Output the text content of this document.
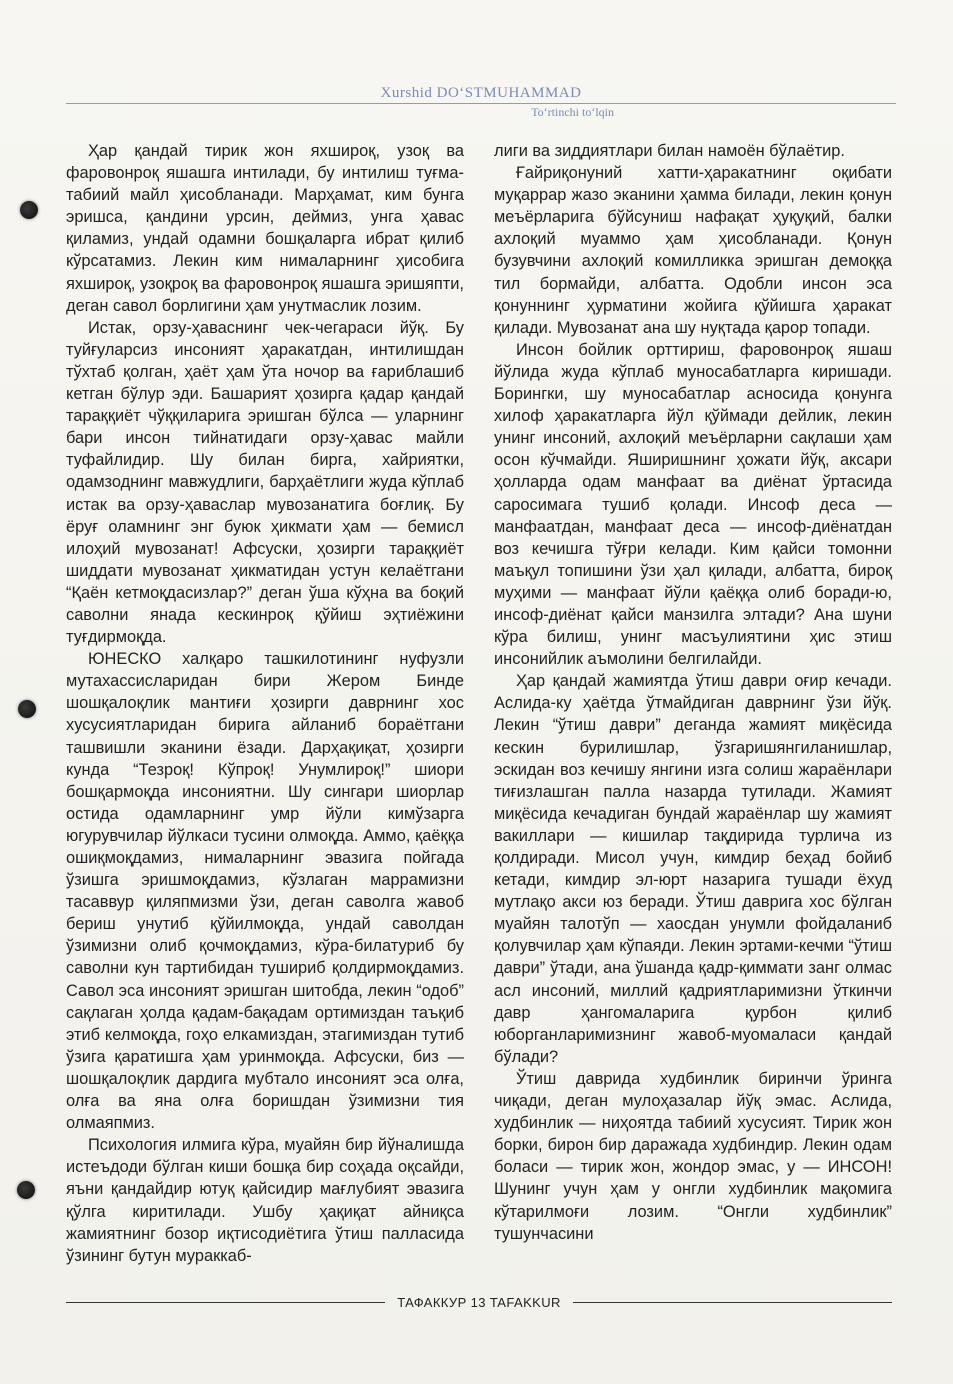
Xurshid DOʻSTMUHAMMAD
Toʻrtinchi toʻlqin

Ҳар қандай тирик жон яхшироқ, узоқ ва фаровонроқ яшашга интилади, бу интилиш туғма-табиий майл ҳисобланади. Марҳамат, ким бунга эришса, қандини урсин, деймиз, унга ҳавас қиламиз, ундай одамни бошқаларга ибрат қилиб кўрсатамиз. Лекин ким нималарнинг ҳисобига яхшироқ, узоқроқ ва фаровонроқ яшашга эришяпти, деган савол борлигини ҳам унутмаслик лозим.

Истак, орзу-ҳаваснинг чек-чегараси йўқ. Бу туйғуларсиз инсоният ҳаракатдан, интилишдан тўхтаб қолган, ҳаёт ҳам ўта ночор ва ғариблашиб кетган бўлур эди. Башарият ҳозирга қадар қандай тараққиёт чўққиларига эришган бўлса — уларнинг бари инсон тийнатидаги орзу-ҳавас майли туфайлидир. Шу билан бирга, хайриятки, одамзоднинг мавжудлиги, барҳаётлиги жуда кўплаб истак ва орзу-ҳаваслар мувозанатига боғлиқ. Бу ёруғ оламнинг энг буюк ҳикмати ҳам — бемисл илоҳий мувозанат! Афсуски, ҳозирги тараққиёт шиддати мувозанат ҳикматидан устун келаётгани “Қаён кетмоқдасизлар?” деган ўша кўҳна ва боқий саволни янада кескинроқ қўйиш эҳтиёжини туғдирмоқда.

ЮНЕСКО халқаро ташкилотининг нуфузли мутахассисларидан бири Жером Бинде шошқалоқлик мантиғи ҳозирги даврнинг хос хусусиятларидан бирига айланиб бораётгани ташвишли эканини ёзади. Дарҳақиқат, ҳозирги кунда “Тезроқ! Кўпроқ! Унумлироқ!” шиори бошқармоқда инсониятни. Шу сингари шиорлар остида одамларнинг умр йўли кимўзарга югурувчилар йўлкаси тусини олмоқда. Аммо, қаёққа ошиқмоқдамиз, нималарнинг эвазига пойгада ўзишга эришмоқдамиз, кўзлаган маррамизни тасаввур қиляпмизми ўзи, деган саволга жавоб бериш унутиб қўйилмоқда, ундай саволдан ўзимизни олиб қочмоқдамиз, кўра-билатуриб бу саволни кун тартибидан тушириб қолдирмоқдамиз. Савол эса инсоният эришган шитобда, лекин “одоб” сақлаган ҳолда қадам-бақадам ортимиздан таъқиб этиб келмоқда, гоҳо елкамиздан, этагимиздан тутиб ўзига қаратишга ҳам уринмоқда. Афсуски, биз — шошқалоқлик дардига мубтало инсоният эса олға, олға ва яна олға боришдан ўзимизни тия олмаяпмиз.

Психология илмига кўра, муайян бир йўналишда истеъдоди бўлган киши бошқа бир соҳада оқсайди, яъни қандайдир ютуқ қайсидир мағлубият эвазига қўлга киритилади. Ушбу ҳақиқат айниқса жамиятнинг бозор иқтисодиётига ўтиш палласида ўзининг бутун мураккаб-

лиги ва зиддиятлари билан намоён бўлаётир.

Ғайриқонуний хатти-ҳаракатнинг оқибати муқаррар жазо эканини ҳамма билади, лекин қонун меъёрларига бўйсуниш нафақат ҳуқуқий, балки ахлоқий муаммо ҳам ҳисобланади. Қонун бузувчини ахлоқий комилликка эришган демоққа тил бормайди, албатта. Одобли инсон эса қонуннинг ҳурматини жойига қўйишга ҳаракат қилади. Мувозанат ана шу нуқтада қарор топади.

Инсон бойлик орттириш, фаровонроқ яшаш йўлида жуда кўплаб муносабатларга киришади. Борингки, шу муносабатлар асносида қонунга хилоф ҳаракатларга йўл қўймади дейлик, лекин унинг инсоний, ахлоқий меъёрларни сақлаши ҳам осон кўчмайди. Яширишнинг ҳожати йўқ, аксари ҳолларда одам манфаат ва диёнат ўртасида саросимага тушиб қолади. Инсоф деса — манфаатдан, манфаат деса — инсоф-диёнатдан воз кечишга тўғри келади. Ким қайси томонни маъқул топишини ўзи ҳал қилади, албатта, бироқ муҳими — манфаат йўли қаёққа олиб боради-ю, инсоф-диёнат қайси манзилга элтади? Ана шуни кўра билиш, унинг масъулиятини ҳис этиш инсонийлик аъмолини белгилайди.

Ҳар қандай жамиятда ўтиш даври оғир кечади. Аслида-ку ҳаётда ўтмайдиган даврнинг ўзи йўқ. Лекин “ўтиш даври” деганда жамият миқёсида кескин бурилишлар, ўзгаришянгиланишлар, эскидан воз кечишу янгини изга солиш жараёнлари тиғизлашган палла назарда тутилади. Жамият миқёсида кечадиган бундай жараёнлар шу жамият вакиллари — кишилар тақдирида турлича из қолдиради. Мисол учун, кимдир беҳад бойиб кетади, кимдир эл-юрт назарига тушади ёхуд мутлақо акси юз беради. Ўтиш даврига хос бўлган муайян талотўп — хаосдан унумли фойдаланиб қолувчилар ҳам кўпаяди. Лекин эртами-кечми “ўтиш даври” ўтади, ана ўшанда қадр-қиммати занг олмас асл инсоний, миллий қадриятларимизни ўткинчи давр ҳангомаларига қурбон қилиб юборганларимизнинг жавоб-муомаласи қандай бўлади?

Ўтиш даврида худбинлик биринчи ўринга чиқади, деган мулоҳазалар йўқ эмас. Аслида, худбинлик — ниҳоятда табиий хусусият. Тирик жон борки, бирон бир даражада худбиндир. Лекин одам боласи — тирик жон, жондор эмас, у — ИНСОН! Шунинг учун ҳам у онгли худбинлик мақомига кўтарилмоғи лозим. “Онгли худбинлик” тушунчасини

ТАФАККУР 13 TAFAKKUR
